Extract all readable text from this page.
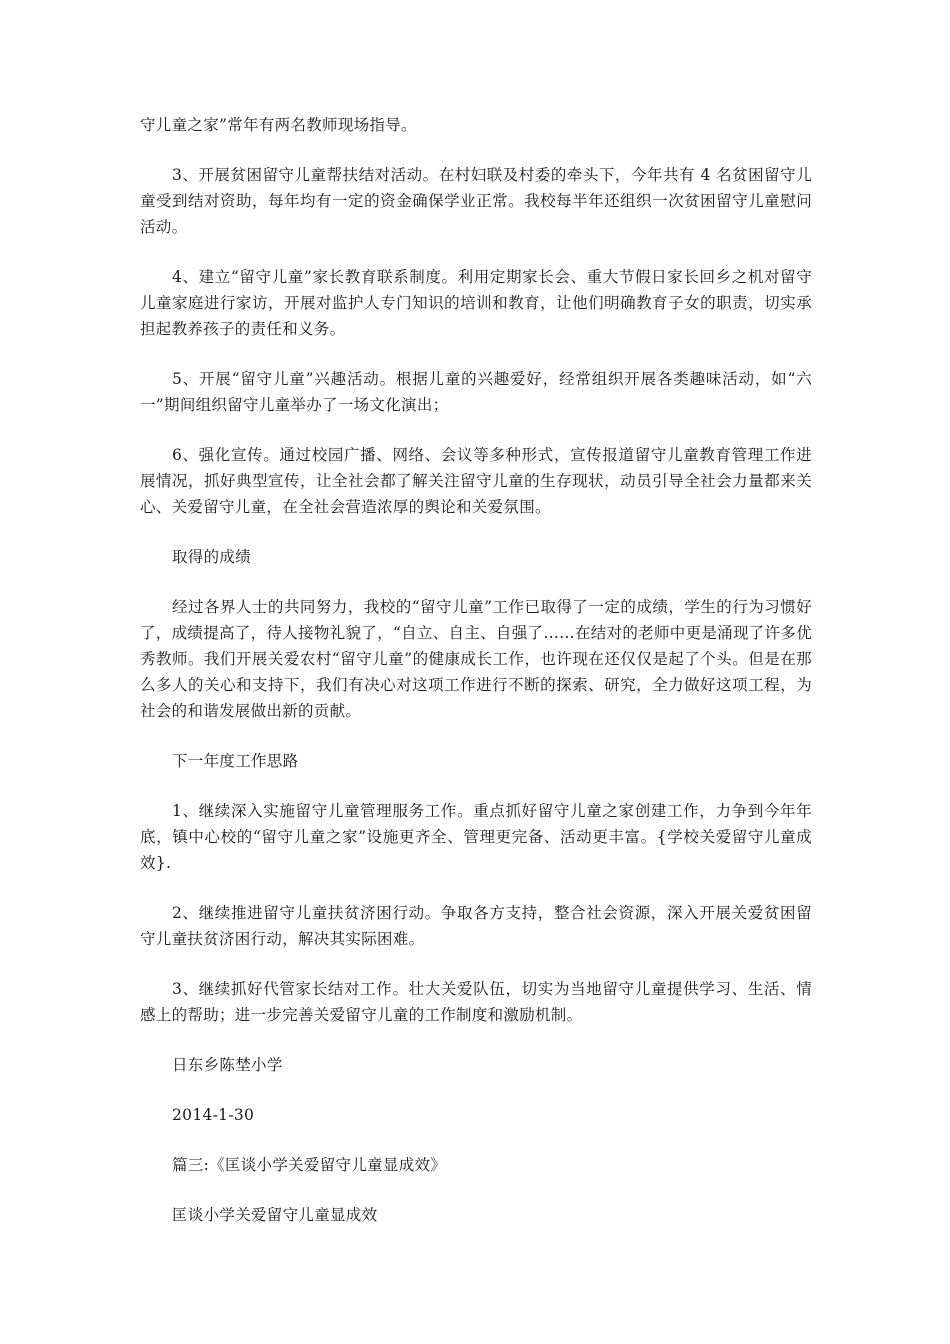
守儿童之家”常年有两名教师现场指导。

3、开展贫困留守儿童帮扶结对活动。在村妇联及村委的牵头下，今年共有 4 名贫困留守儿童受到结对资助，每年均有一定的资金确保学业正常。我校每半年还组织一次贫困留守儿童慰问活动。

4、建立“留守儿童”家长教育联系制度。利用定期家长会、重大节假日家长回乡之机对留守儿童家庭进行家访，开展对监护人专门知识的培训和教育，让他们明确教育子女的职责，切实承担起教养孩子的责任和义务。

5、开展“留守儿童”兴趣活动。根据儿童的兴趣爱好，经常组织开展各类趣味活动，如“六一”期间组织留守儿童举办了一场文化演出；

6、强化宣传。通过校园广播、网络、会议等多种形式，宣传报道留守儿童教育管理工作进展情况，抓好典型宣传，让全社会都了解关注留守儿童的生存现状，动员引导全社会力量都来关心、关爱留守儿童，在全社会营造浓厚的舆论和关爱氛围。

取得的成绩

经过各界人士的共同努力，我校的“留守儿童”工作已取得了一定的成绩，学生的行为习惯好了，成绩提高了，待人接物礼貌了，“自立、自主、自强了……在结对的老师中更是涌现了许多优秀教师。我们开展关爱农村“留守儿童”的健康成长工作，也许现在还仅仅是起了个头。但是在那么多人的关心和支持下，我们有决心对这项工作进行不断的探索、研究，全力做好这项工程，为社会的和谐发展做出新的贡献。

下一年度工作思路

1、继续深入实施留守儿童管理服务工作。重点抓好留守儿童之家创建工作，力争到今年年底，镇中心校的“留守儿童之家”设施更齐全、管理更完备、活动更丰富。{学校关爱留守儿童成效}.

2、继续推进留守儿童扶贫济困行动。争取各方支持，整合社会资源，深入开展关爱贫困留守儿童扶贫济困行动，解决其实际困难。

3、继续抓好代管家长结对工作。壮大关爱队伍，切实为当地留守儿童提供学习、生活、情感上的帮助；进一步完善关爱留守儿童的工作制度和激励机制。

日东乡陈埜小学

2014-1-30

篇三:《匡谈小学关爱留守儿童显成效》

匡谈小学关爱留守儿童显成效
